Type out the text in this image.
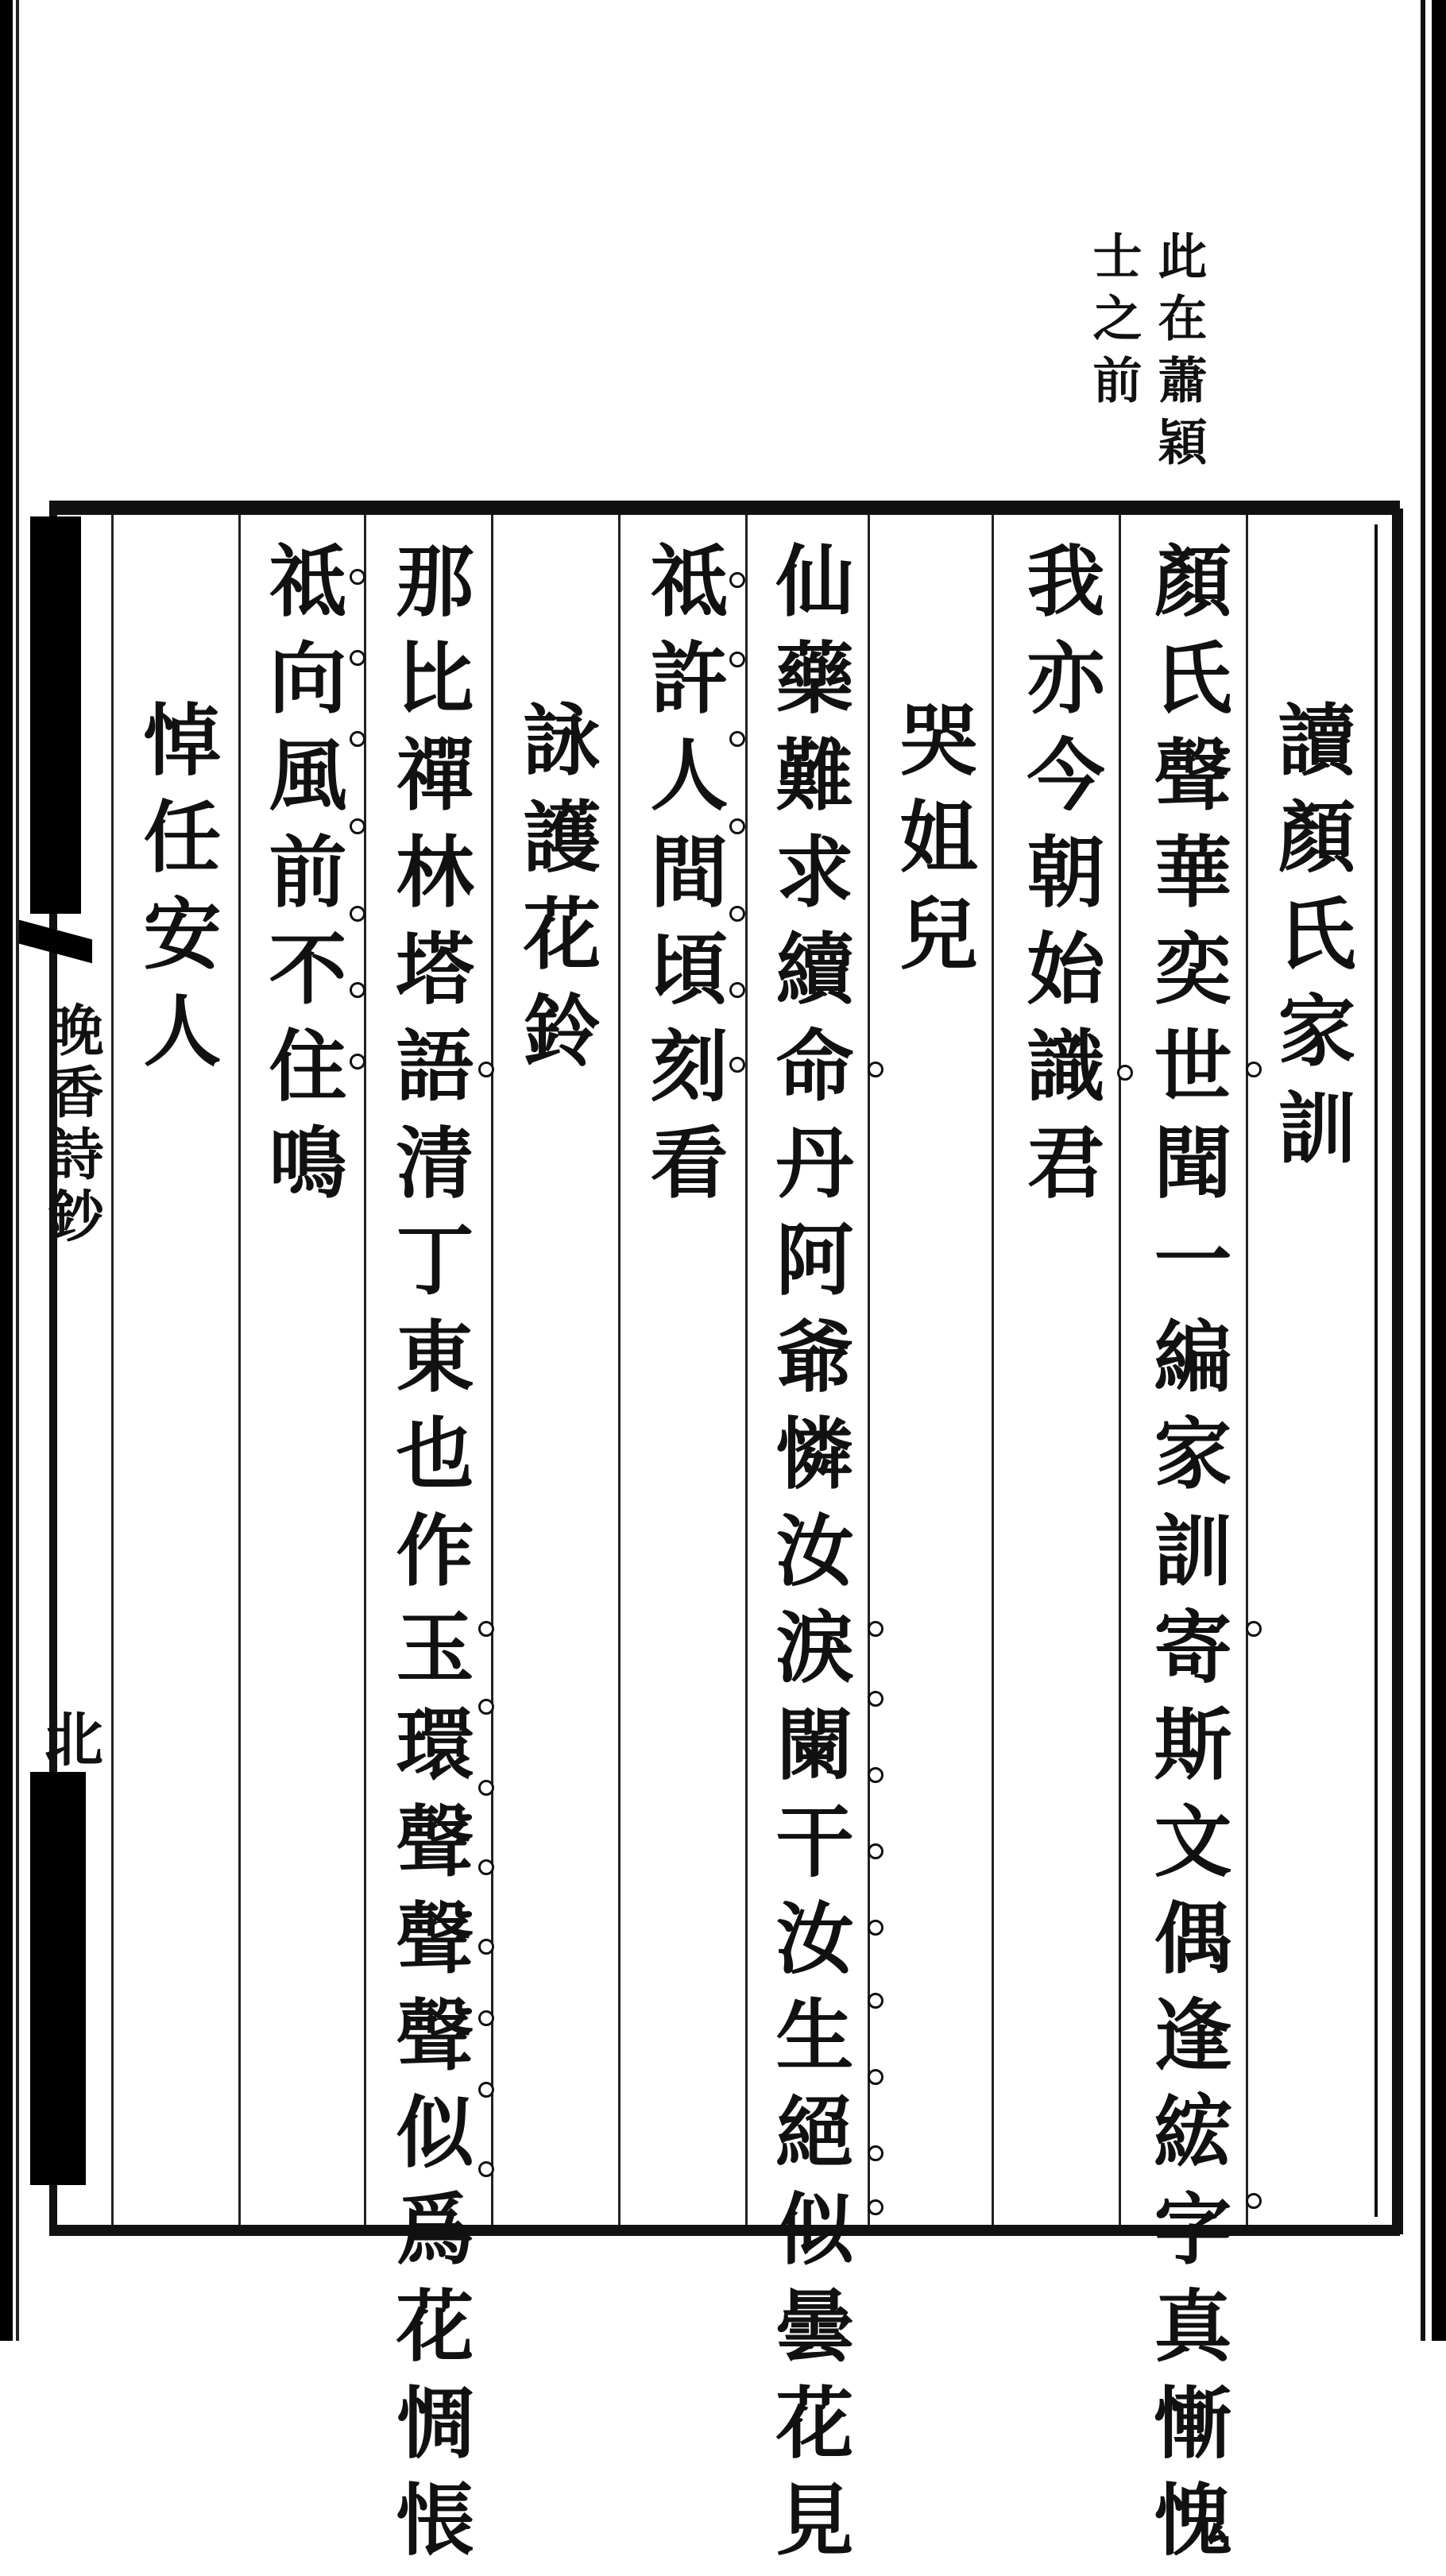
晚香詩鈔
北
此在蕭穎
士之前
讀顏氏家訓
顏氏聲華奕世聞一編家訓寄斯文偶逢綋字真慚愧
我亦今朝始識君
哭姐兒
仙藥難求續命丹阿爺憐汝淚闌干汝生絕似曇花見
祗許人間頃刻看
詠護花鈴
那比禪林塔語清丁東也作玉環聲聲聲似爲花惆悵
祗向風前不住鳴
悼任安人
